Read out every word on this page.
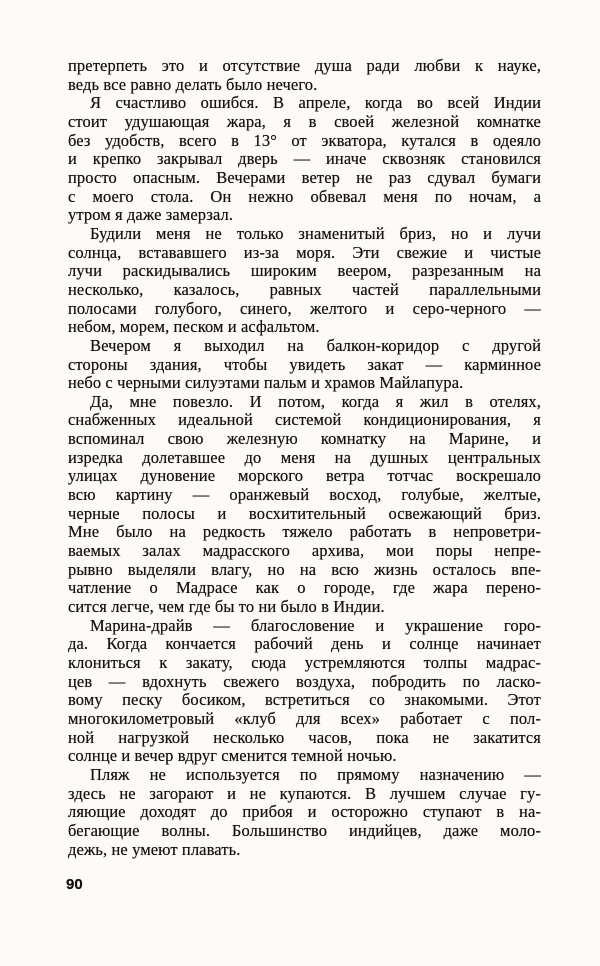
претерпеть это и отсутствие душа ради любви к науке,
ведь все равно делать было нечего.
Я счастливо ошибся. В апреле, когда во всей Индии
стоит удушающая жара, я в своей железной комнатке
без удобств, всего в 13° от экватора, кутался в одеяло
и крепко закрывал дверь — иначе сквозняк становился
просто опасным. Вечерами ветер не раз сдувал бумаги
с моего стола. Он нежно обвевал меня по ночам, а
утром я даже замерзал.
Будили меня не только знаменитый бриз, но и лучи
солнца, встававшего из-за моря. Эти свежие и чистые
лучи раскидывались широким веером, разрезанным на
несколько, казалось, равных частей параллельными
полосами голубого, синего, желтого и серо-черного —
небом, морем, песком и асфальтом.
Вечером я выходил на балкон-коридор с другой
стороны здания, чтобы увидеть закат — карминное
небо с черными силуэтами пальм и храмов Майлапура.
Да, мне повезло. И потом, когда я жил в отелях,
снабженных идеальной системой кондиционирования, я
вспоминал свою железную комнатку на Марине, и
изредка долетавшее до меня на душных центральных
улицах дуновение морского ветра тотчас воскрешало
всю картину — оранжевый восход, голубые, желтые,
черные полосы и восхитительный освежающий бриз.
Мне было на редкость тяжело работать в непроветри-
ваемых залах мадрасского архива, мои поры непре-
рывно выделяли влагу, но на всю жизнь осталось впе-
чатление о Мадрасе как о городе, где жара перено-
сится легче, чем где бы то ни было в Индии.
Марина-драйв — благословение и украшение горо-
да. Когда кончается рабочий день и солнце начинает
клониться к закату, сюда устремляются толпы мадрас-
цев — вдохнуть свежего воздуха, побродить по ласко-
вому песку босиком, встретиться со знакомыми. Этот
многокилометровый «клуб для всех» работает с пол-
ной нагрузкой несколько часов, пока не закатится
солнце и вечер вдруг сменится темной ночью.
Пляж не используется по прямому назначению —
здесь не загорают и не купаются. В лучшем случае гу-
ляющие доходят до прибоя и осторожно ступают в на-
бегающие волны. Большинство индийцев, даже моло-
дежь, не умеют плавать.
90
